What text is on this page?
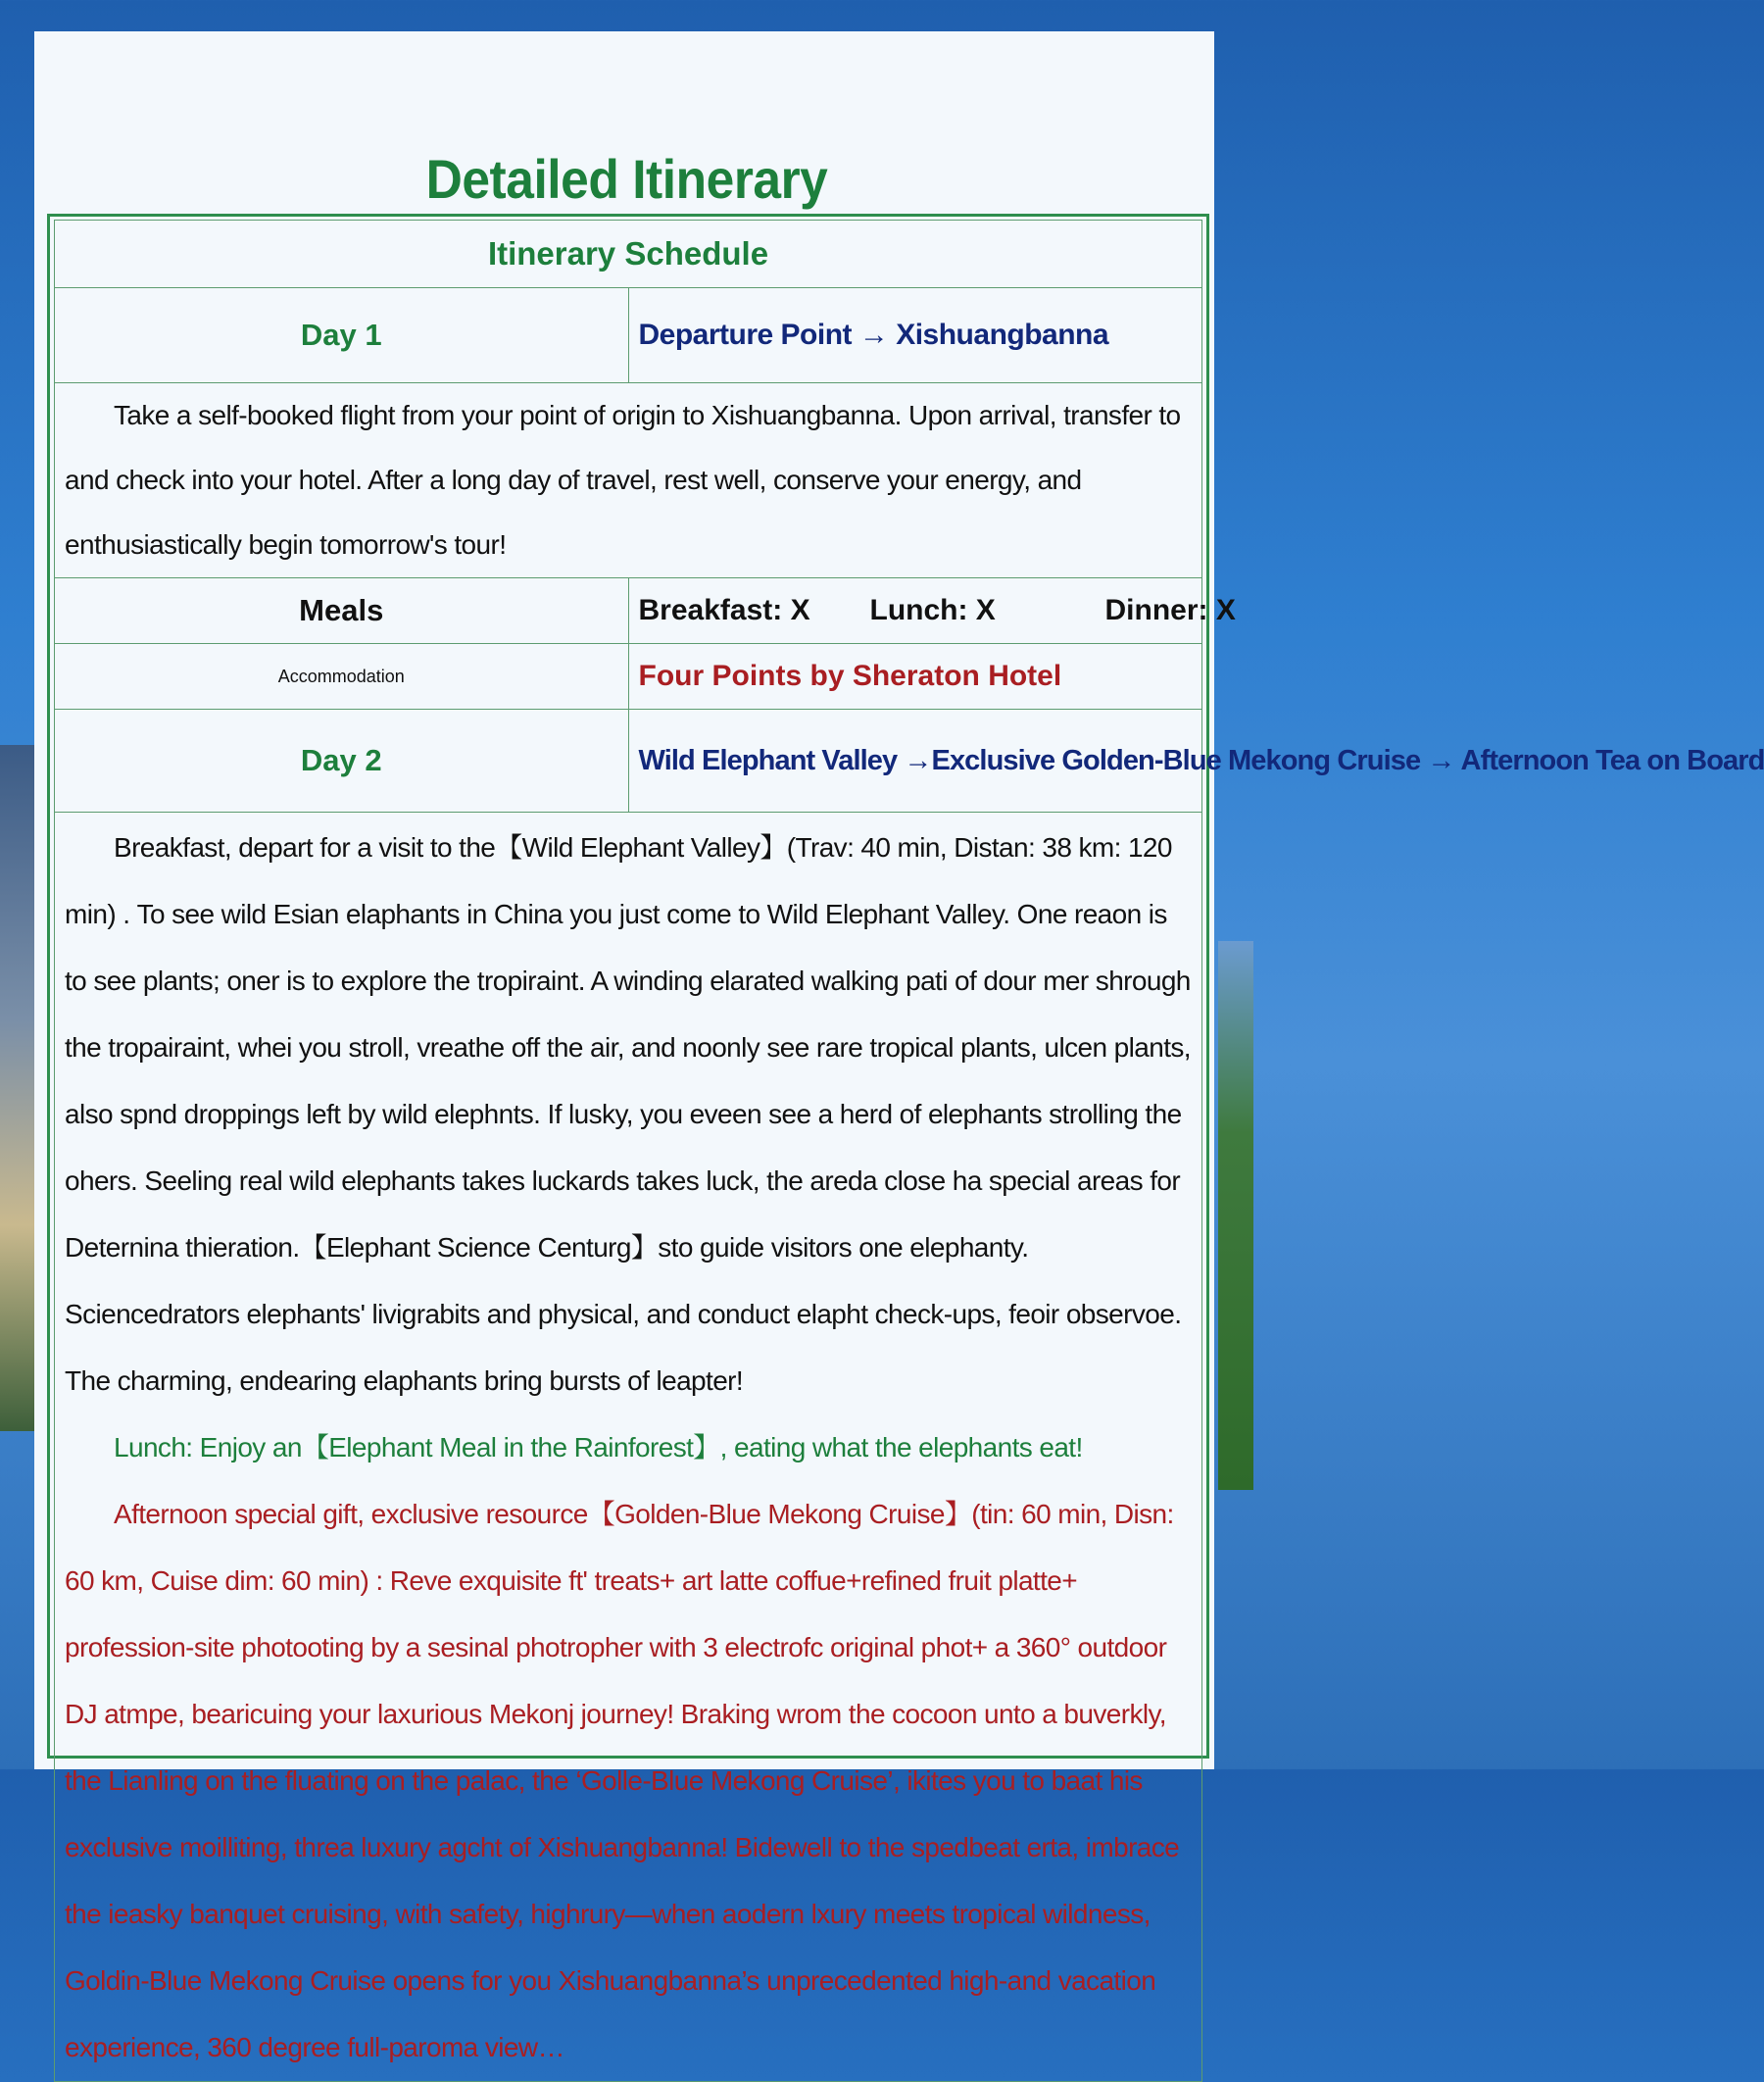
Detailed Itinerary
Itinerary Schedule	
Day 1	Departure Point → Xishuangbanna

Take a self-booked flight from your point of origin to Xishuangbanna. Upon arrival, transfer to and check into your hotel. After a long day of travel, rest well, conserve your energy, and enthusiastically begin tomorrow's tour!	

Meals	Breakfast: X Lunch: X Dinner: X
Accommodation	Four Points by Sheraton Hotel
Day 2	Wild Elephant Valley →Exclusive Golden-Blue Mekong Cruise → Afternoon Tea on Board

Breakfast, depart for a visit to the【Wild Elephant Valley】(Trav: 40 min, Distan: 38 km: 120 min) . To see wild Esian elaphants in China you just come to Wild Elephant Valley. One reaon is to see plants; oner is to explore the tropiraint. A winding elarated walking pati of dour mer shrough the tropairaint, whei you stroll, vreathe off the air, and noonly see rare tropical plants, ulcen plants, also spnd droppings left by wild elephnts. If lusky, you eveen see a herd of elephants strolling the ohers. Seeling real wild elephants takes luckards takes luck, the areda close ha special areas for Deternina thieration.【Elephant Science Centurg】sto guide visitors one elephanty. Sciencedrators elephants' livigrabits and physical, and conduct elapht check-ups, feoir observoe. The charming, endearing elaphants bring bursts of leapter!

Lunch: Enjoy an【Elephant Meal in the Rainforest】, eating what the elephants eat!

Afternoon special gift, exclusive resource【Golden-Blue Mekong Cruise】(tin: 60 min, Disn: 60 km, Cuise dim: 60 min) : Reve exquisite ft' treats+ art latte coffue+refined fruit platte+ profession-site photooting by a sesinal photropher with 3 electrofc original phot+ a 360° outdoor DJ atmpe, bearicuing your laxurious Mekonj journey! Braking wrom the cocoon unto a buverkly, the Lianling on the fluating on the palac, the ‘Golle-Blue Mekong Cruise’, ikites you to baat his exclusive moilliting, threa luxury agcht of Xishuangbanna! Bidewell to the spedbeat erta, imbrace the ieasky banquet cruising, with safety, highrury—when aodern lxury meets tropical wildness, Goldin-Blue Mekong Cruise opens for you Xishuangbanna’s unprecedented high-and vacation experience, 360 degree full-paroma view…	
